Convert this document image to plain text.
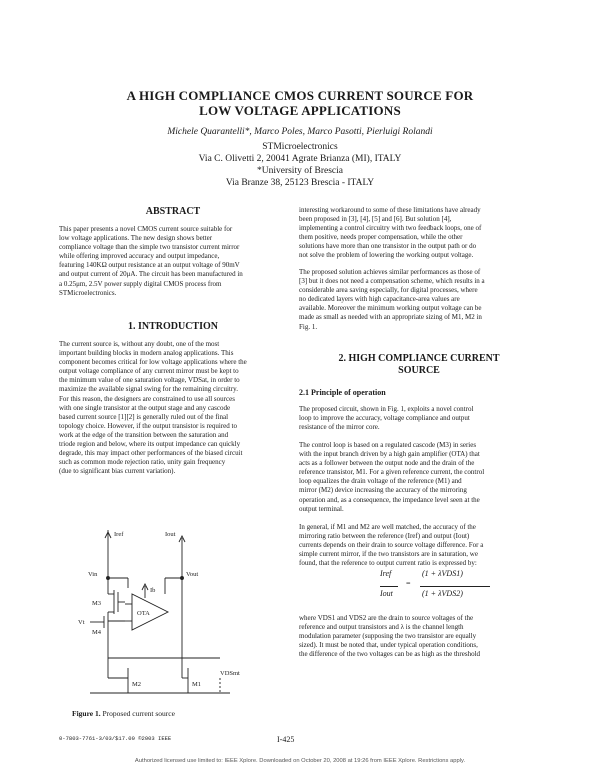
A HIGH COMPLIANCE CMOS CURRENT SOURCE FOR
LOW VOLTAGE APPLICATIONS
Michele Quarantelli*, Marco Poles, Marco Pasotti, Pierluigi Rolandi
STMicroelectronics
Via C. Olivetti 2, 20041 Agrate Brianza (MI), ITALY
*University of Brescia
Via Branze 38, 25123 Brescia - ITALY
ABSTRACT
This paper presents a novel CMOS current source suitable for
low voltage applications. The new design shows better
compliance voltage than the simple two transistor current mirror
while offering improved accuracy and output impedance,
featuring 140KΩ output resistance at an output voltage of 90mV
and output current of 20μA. The circuit has been manufactured in
a 0.25μm, 2.5V power supply digital CMOS process from
STMicroelectronics.
1. INTRODUCTION
The current source is, without any doubt, one of the most
important building blocks in modern analog applications. This
component becomes critical for low voltage applications where the
output voltage compliance of any current mirror must be kept to
the minimum value of one saturation voltage, VDSat, in order to
maximize the available signal swing for the remaining circuitry.
For this reason, the designers are constrained to use all sources
with one single transistor at the output stage and any cascode
based current source [1][2] is generally ruled out of the final
topology choice. However, if the output transistor is required to
work at the edge of the transition between the saturation and
triode region and below, where its output impedance can quickly
degrade, this may impact other performances of the biased circuit
such as common mode rejection ratio, unity gain frequency
(due to significant bias current variation).
Iref	Iout
Vin	Vout
Ib
OTA
M3
M4
Vt
M2	M1
VDSmt
Figure 1. Proposed current source
interesting workaround to some of these limitations have already
been proposed in [3], [4], [5] and [6]. But solution [4],
implementing a control circuitry with two feedback loops, one of
them positive, needs proper compensation, while the other
solutions have more than one transistor in the output path or do
not solve the problem of lowering the working output voltage.
The proposed solution achieves similar performances as those of
[3] but it does not need a compensation scheme, which results in a
considerable area saving especially, for digital processes, where
no dedicated layers with high capacitance-area values are
available. Moreover the minimum working output voltage can be
made as small as needed with an appropriate sizing of M1, M2 in
Fig. 1.
2. HIGH COMPLIANCE CURRENT
SOURCE
2.1 Principle of operation
The proposed circuit, shown in Fig. 1, exploits a novel control
loop to improve the accuracy, voltage compliance and output
resistance of the mirror core.
The control loop is based on a regulated cascode (M3) in series
with the input branch driven by a high gain amplifier (OTA) that
acts as a follower between the output node and the drain of the
reference transistor, M1. For a given reference current, the control
loop equalizes the drain voltage of the reference (M1) and
mirror (M2) device increasing the accuracy of the mirroring
operation and, as a consequence, the impedance level seen at the
output terminal.
In general, if M1 and M2 are well matched, the accuracy of the
mirroring ratio between the reference (Iref) and output (Iout)
currents depends on their drain to source voltage difference. For a
simple current mirror, if the two transistors are in saturation, we
found, that the reference to output current ratio is expressed by:
Iref
Iout
=
(1 + λVDS1)
(1 + λVDS2)
where VDS1 and VDS2 are the drain to source voltages of the
reference and output transistors and λ is the channel length
modulation parameter (supposing the two transistor are equally
sized). It must be noted that, under typical operation conditions,
the difference of the two voltages can be as high as the threshold
0-7803-7761-3/03/$17.00 ©2003 IEEE	I-425
Authorized licensed use limited to: IEEE Xplore. Downloaded on October 20, 2008 at 19:26 from IEEE Xplore. Restrictions apply.
